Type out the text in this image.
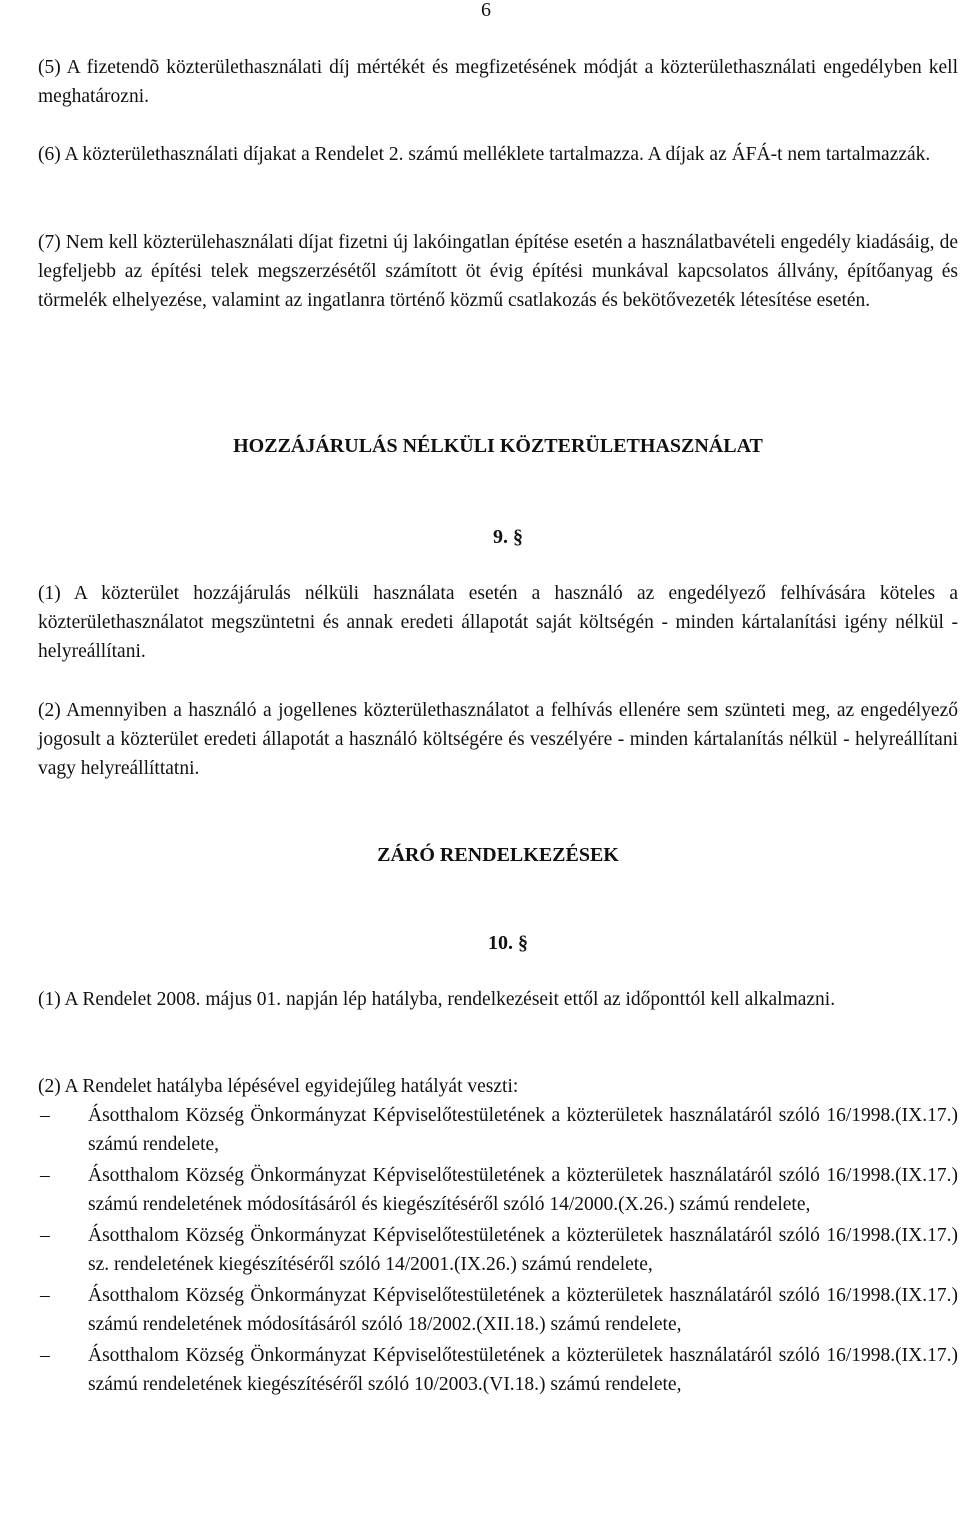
6

(5) A fizetendõ közterülethasználati díj mértékét és megfizetésének módját a közterülethasználati engedélyben kell meghatározni.

(6) A közterülethasználati díjakat a Rendelet 2. számú melléklete tartalmazza. A díjak az ÁFÁ-t nem tartalmazzák.

(7) Nem kell közterülehasználati díjat fizetni új lakóingatlan építése esetén a használatbavételi engedély kiadásáig, de legfeljebb az építési telek megszerzésétől számított öt évig építési munkával kapcsolatos állvány, építőanyag és törmelék elhelyezése, valamint az ingatlanra történő közmű csatlakozás és bekötővezeték létesítése esetén.

HOZZÁJÁRULÁS NÉLKÜLI KÖZTERÜLETHASZNÁLAT
9. §

(1) A közterület hozzájárulás nélküli használata esetén a használó az engedélyező felhívására köteles a közterülethasználatot megszüntetni és annak eredeti állapotát saját költségén - minden kártalanítási igény nélkül - helyreállítani.

(2) Amennyiben a használó a jogellenes közterülethasználatot a felhívás ellenére sem szünteti meg, az engedélyező jogosult a közterület eredeti állapotát a használó költségére és veszélyére - minden kártalanítás nélkül - helyreállítani vagy helyreállíttatni.

ZÁRÓ RENDELKEZÉSEK
10. §

(1) A Rendelet 2008. május 01. napján lép hatályba, rendelkezéseit ettől az időponttól kell alkalmazni.

(2) A Rendelet hatályba lépésével egyidejűleg hatályát veszti:

– Ásotthalom Község Önkormányzat Képviselőtestületének a közterületek használatáról szóló 16/1998.(IX.17.) számú rendelete,

– Ásotthalom Község Önkormányzat Képviselőtestületének a közterületek használatáról szóló 16/1998.(IX.17.) számú rendeletének módosításáról és kiegészítéséről szóló 14/2000.(X.26.) számú rendelete,

– Ásotthalom Község Önkormányzat Képviselőtestületének a közterületek használatáról szóló 16/1998.(IX.17.) sz. rendeletének kiegészítéséről szóló 14/2001.(IX.26.) számú rendelete,

– Ásotthalom Község Önkormányzat Képviselőtestületének a közterületek használatáról szóló 16/1998.(IX.17.) számú rendeletének módosításáról szóló 18/2002.(XII.18.) számú rendelete,

– Ásotthalom Község Önkormányzat Képviselőtestületének a közterületek használatáról szóló 16/1998.(IX.17.) számú rendeletének kiegészítéséről szóló 10/2003.(VI.18.) számú rendelete,
